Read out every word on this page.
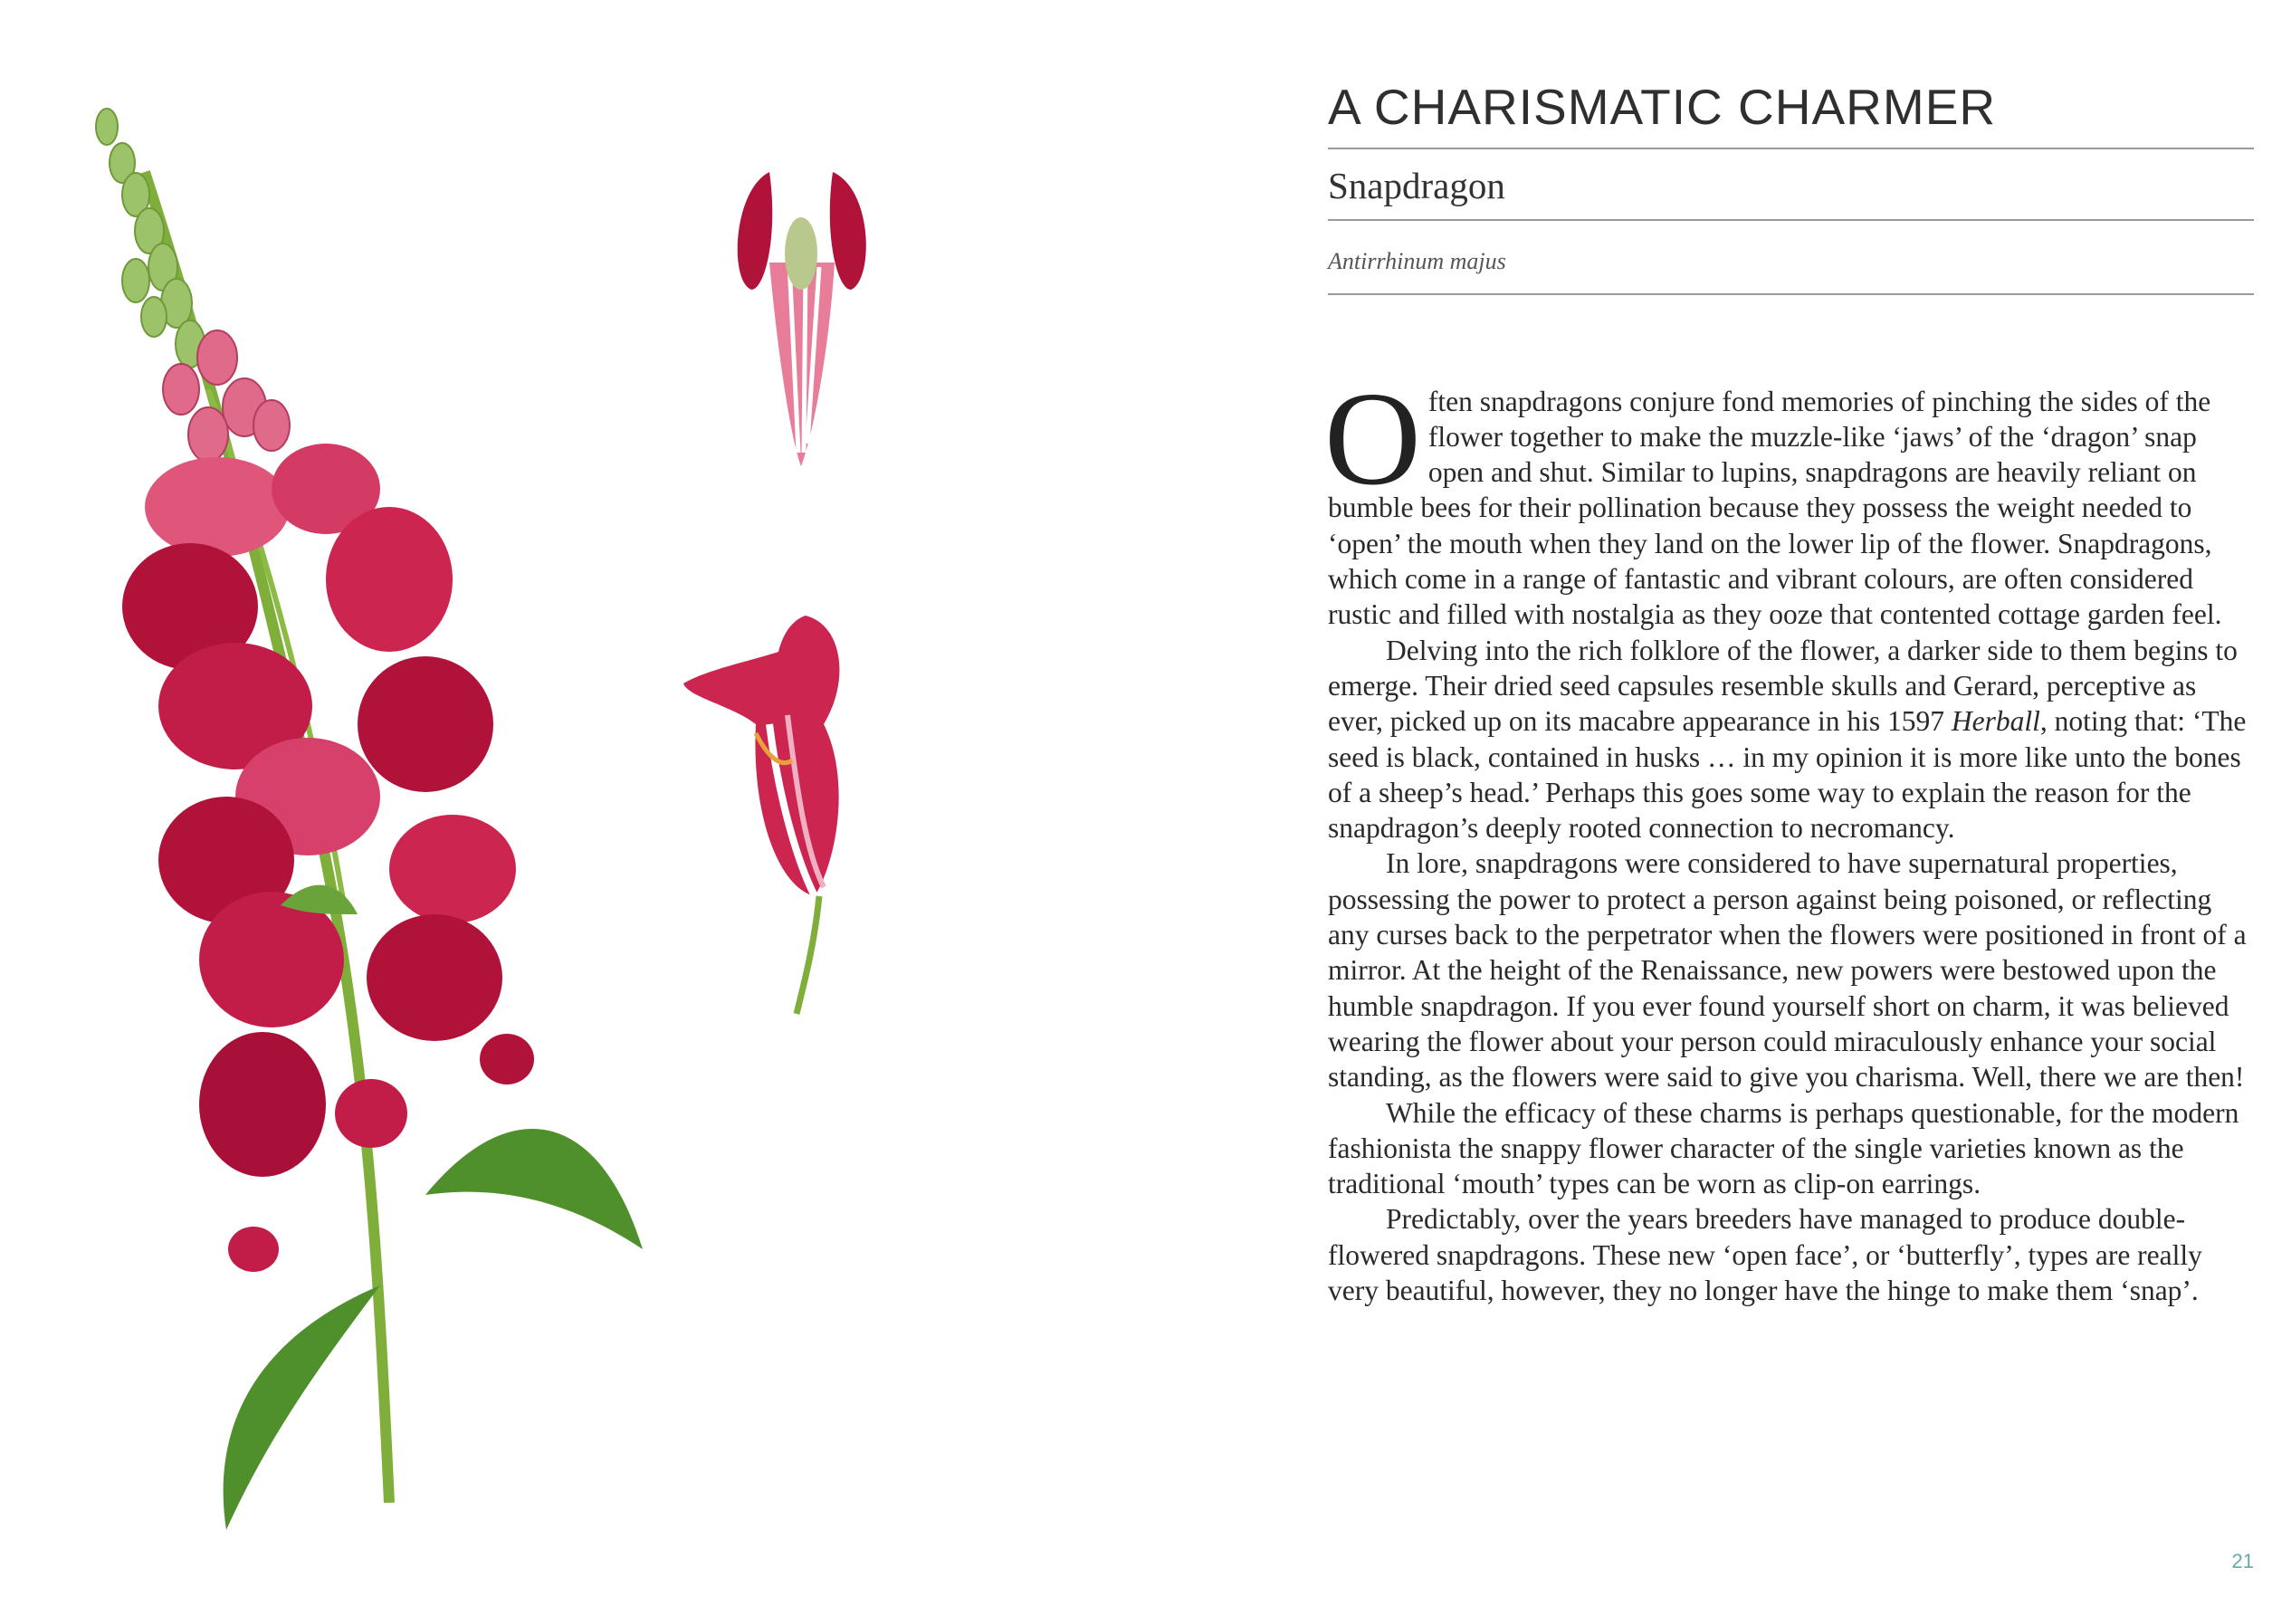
A CHARISMATIC CHARMER
Snapdragon
Antirrhinum majus

Often snapdragons conjure fond memories of pinching the sides of the flower together to make the muzzle-like ‘jaws’ of the ‘dragon’ snap open and shut. Similar to lupins, snapdragons are heavily reliant on bumble bees for their pollination because they possess the weight needed to ‘open’ the mouth when they land on the lower lip of the flower. Snapdragons, which come in a range of fantastic and vibrant colours, are often considered rustic and filled with nostalgia as they ooze that contented cottage garden feel.

Delving into the rich folklore of the flower, a darker side to them begins to emerge. Their dried seed capsules resemble skulls and Gerard, perceptive as ever, picked up on its macabre appearance in his 1597 Herball, noting that: ‘The seed is black, contained in husks … in my opinion it is more like unto the bones of a sheep’s head.’ Perhaps this goes some way to explain the reason for the snapdragon’s deeply rooted connection to necromancy.

In lore, snapdragons were considered to have supernatural properties, possessing the power to protect a person against being poisoned, or reflecting any curses back to the perpetrator when the flowers were positioned in front of a mirror. At the height of the Renaissance, new powers were bestowed upon the humble snapdragon. If you ever found yourself short on charm, it was believed wearing the flower about your person could miraculously enhance your social standing, as the flowers were said to give you charisma. Well, there we are then!

While the efficacy of these charms is perhaps questionable, for the modern fashionista the snappy flower character of the single varieties known as the traditional ‘mouth’ types can be worn as clip-on earrings.

Predictably, over the years breeders have managed to produce double-flowered snapdragons. These new ‘open face’, or ‘butterfly’, types are really very beautiful, however, they no longer have the hinge to make them ‘snap’.

21
